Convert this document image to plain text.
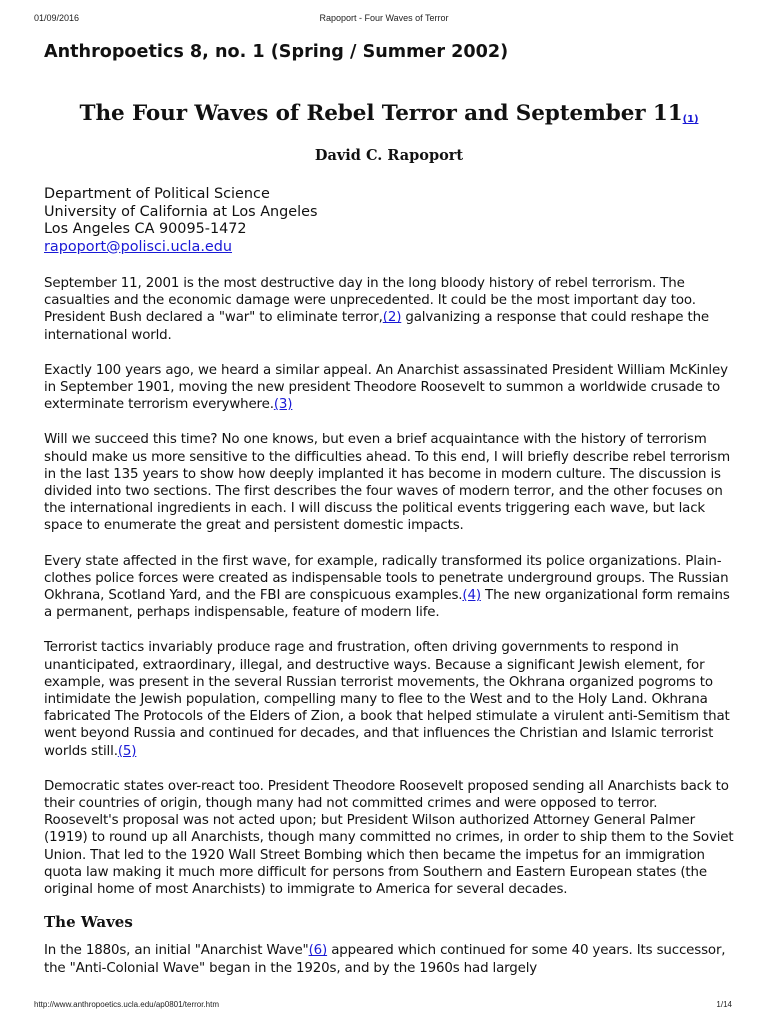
01/09/2016	Rapoport - Four Waves of Terror
Anthropoetics 8, no. 1 (Spring / Summer 2002)
The Four Waves of Rebel Terror and September 11(1)
David C. Rapoport
Department of Political Science
University of California at Los Angeles
Los Angeles CA 90095-1472
rapoport@polisci.ucla.edu

September 11, 2001 is the most destructive day in the long bloody history of rebel terrorism. The casualties and the economic damage were unprecedented. It could be the most important day too. President Bush declared a "war" to eliminate terror,(2) galvanizing a response that could reshape the international world.

Exactly 100 years ago, we heard a similar appeal. An Anarchist assassinated President William McKinley in September 1901, moving the new president Theodore Roosevelt to summon a worldwide crusade to exterminate terrorism everywhere.(3)

Will we succeed this time? No one knows, but even a brief acquaintance with the history of terrorism should make us more sensitive to the difficulties ahead. To this end, I will briefly describe rebel terrorism in the last 135 years to show how deeply implanted it has become in modern culture. The discussion is divided into two sections. The first describes the four waves of modern terror, and the other focuses on the international ingredients in each. I will discuss the political events triggering each wave, but lack space to enumerate the great and persistent domestic impacts.

Every state affected in the first wave, for example, radically transformed its police organizations. Plain-clothes police forces were created as indispensable tools to penetrate underground groups. The Russian Okhrana, Scotland Yard, and the FBI are conspicuous examples.(4) The new organizational form remains a permanent, perhaps indispensable, feature of modern life.

Terrorist tactics invariably produce rage and frustration, often driving governments to respond in unanticipated, extraordinary, illegal, and destructive ways. Because a significant Jewish element, for example, was present in the several Russian terrorist movements, the Okhrana organized pogroms to intimidate the Jewish population, compelling many to flee to the West and to the Holy Land. Okhrana fabricated The Protocols of the Elders of Zion, a book that helped stimulate a virulent anti-Semitism that went beyond Russia and continued for decades, and that influences the Christian and Islamic terrorist worlds still.(5)

Democratic states over-react too. President Theodore Roosevelt proposed sending all Anarchists back to their countries of origin, though many had not committed crimes and were opposed to terror. Roosevelt's proposal was not acted upon; but President Wilson authorized Attorney General Palmer (1919) to round up all Anarchists, though many committed no crimes, in order to ship them to the Soviet Union. That led to the 1920 Wall Street Bombing which then became the impetus for an immigration quota law making it much more difficult for persons from Southern and Eastern European states (the original home of most Anarchists) to immigrate to America for several decades.

The Waves

In the 1880s, an initial "Anarchist Wave"(6) appeared which continued for some 40 years. Its successor, the "Anti-Colonial Wave" began in the 1920s, and by the 1960s had largely

http://www.anthropoetics.ucla.edu/ap0801/terror.htm	1/14
